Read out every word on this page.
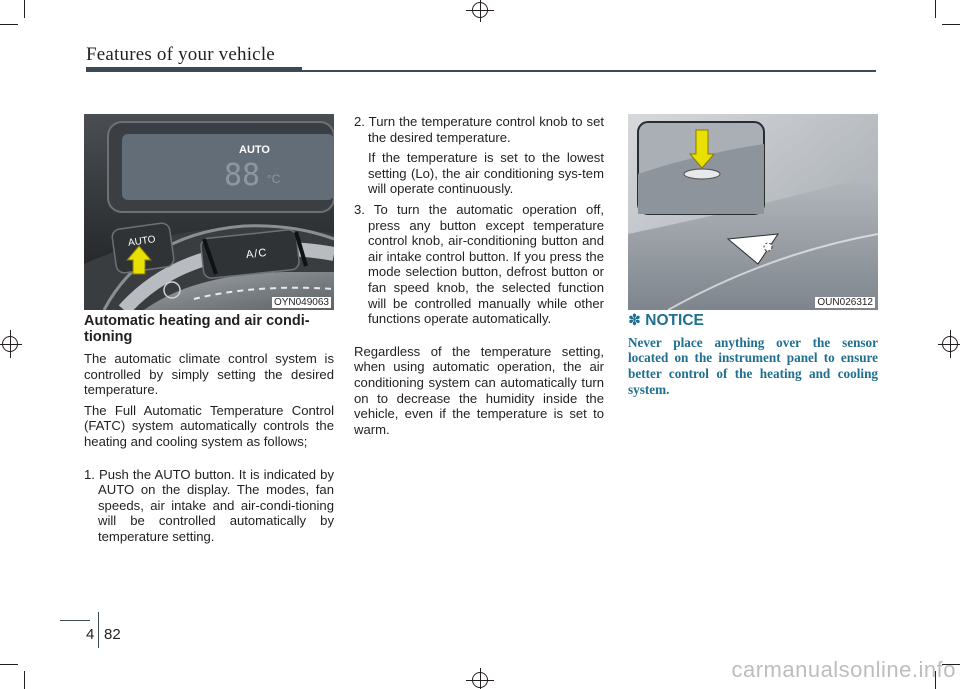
Features of your vehicle
AUTO
88 °C
AUTO
A/C
OYN049063	OUN026312
Automatic heating and air condi-tioning

The automatic climate control system is controlled by simply setting the desired temperature.

The Full Automatic Temperature Control (FATC) system automatically controls the heating and cooling system as follows;

1. Push the AUTO button. It is indicated by AUTO on the display. The modes, fan speeds, air intake and air-condi-tioning will be controlled automatically by temperature setting.

2. Turn the temperature control knob to set the desired temperature.

If the temperature is set to the lowest setting (Lo), the air conditioning sys-tem will operate continuously.

3. To turn the automatic operation off, press any button except temperature control knob, air-conditioning button and air intake control button. If you press the mode selection button, defrost button or fan speed knob, the selected function will be controlled manually while other functions operate automatically.

Regardless of the temperature setting, when using automatic operation, the air conditioning system can automatically turn on to decrease the humidity inside the vehicle, even if the temperature is set to warm.

✽ NOTICE

Never place anything over the sensor located on the instrument panel to ensure better control of the heating and cooling system.

4 82
carmanualsonline.info
